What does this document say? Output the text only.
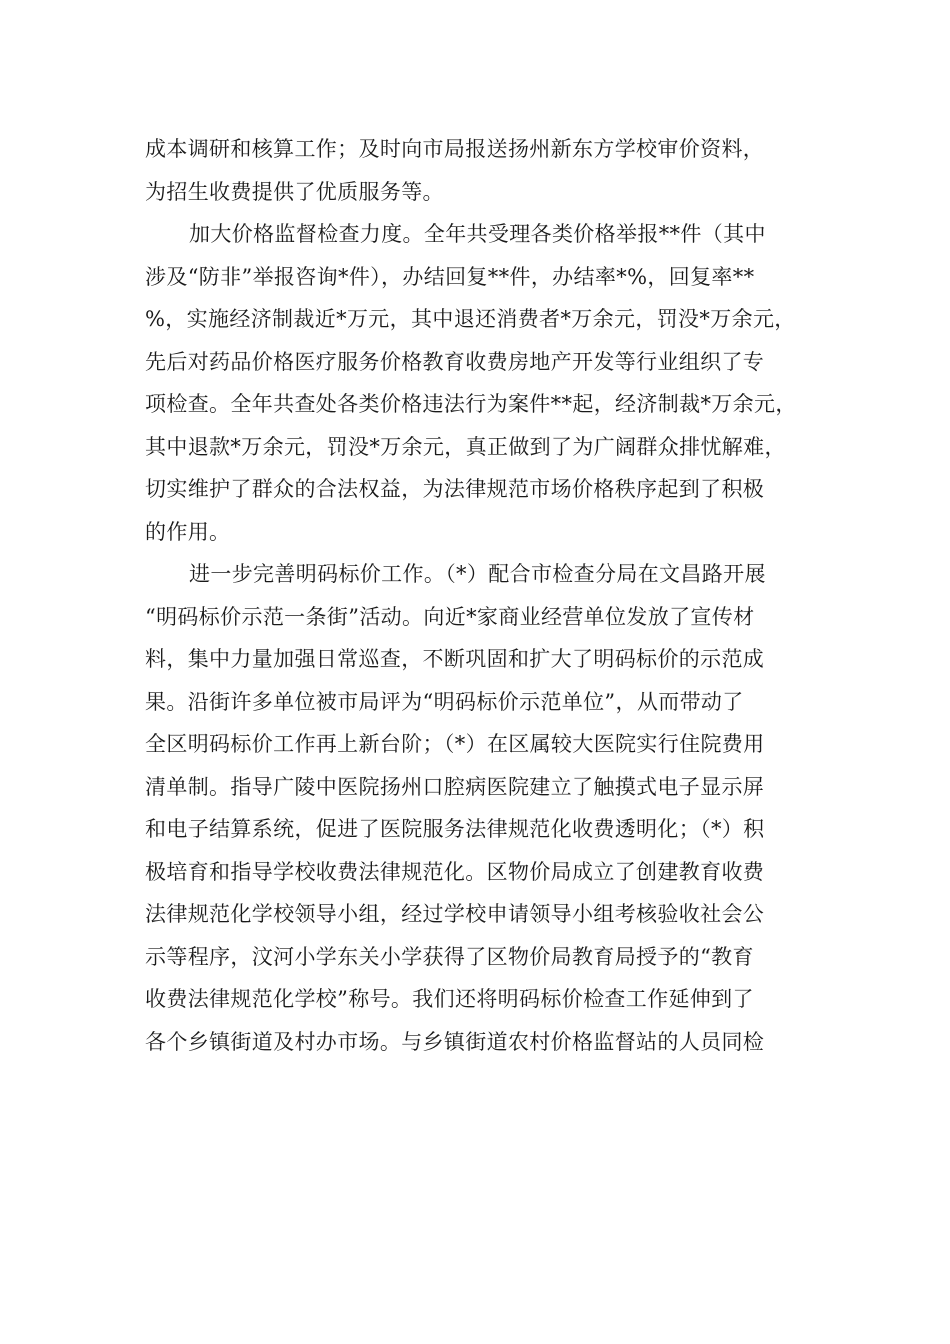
成本调研和核算工作；及时向市局报送扬州新东方学校审价资料，
为招生收费提供了优质服务等。
加大价格监督检查力度。全年共受理各类价格举报**件（其中
涉及“防非”举报咨询*件），办结回复**件，办结率*%，回复率**
%，实施经济制裁近*万元，其中退还消费者*万余元，罚没*万余元，
先后对药品价格医疗服务价格教育收费房地产开发等行业组织了专
项检查。全年共查处各类价格违法行为案件**起，经济制裁*万余元，
其中退款*万余元，罚没*万余元，真正做到了为广阔群众排忧解难，
切实维护了群众的合法权益，为法律规范市场价格秩序起到了积极
的作用。
进一步完善明码标价工作。（*）配合市检查分局在文昌路开展
“明码标价示范一条街”活动。向近*家商业经营单位发放了宣传材
料，集中力量加强日常巡查，不断巩固和扩大了明码标价的示范成
果。沿街许多单位被市局评为“明码标价示范单位”，从而带动了
全区明码标价工作再上新台阶；（*）在区属较大医院实行住院费用
清单制。指导广陵中医院扬州口腔病医院建立了触摸式电子显示屏
和电子结算系统，促进了医院服务法律规范化收费透明化；（*）积
极培育和指导学校收费法律规范化。区物价局成立了创建教育收费
法律规范化学校领导小组，经过学校申请领导小组考核验收社会公
示等程序，汶河小学东关小学获得了区物价局教育局授予的“教育
收费法律规范化学校”称号。我们还将明码标价检查工作延伸到了
各个乡镇街道及村办市场。与乡镇街道农村价格监督站的人员同检
